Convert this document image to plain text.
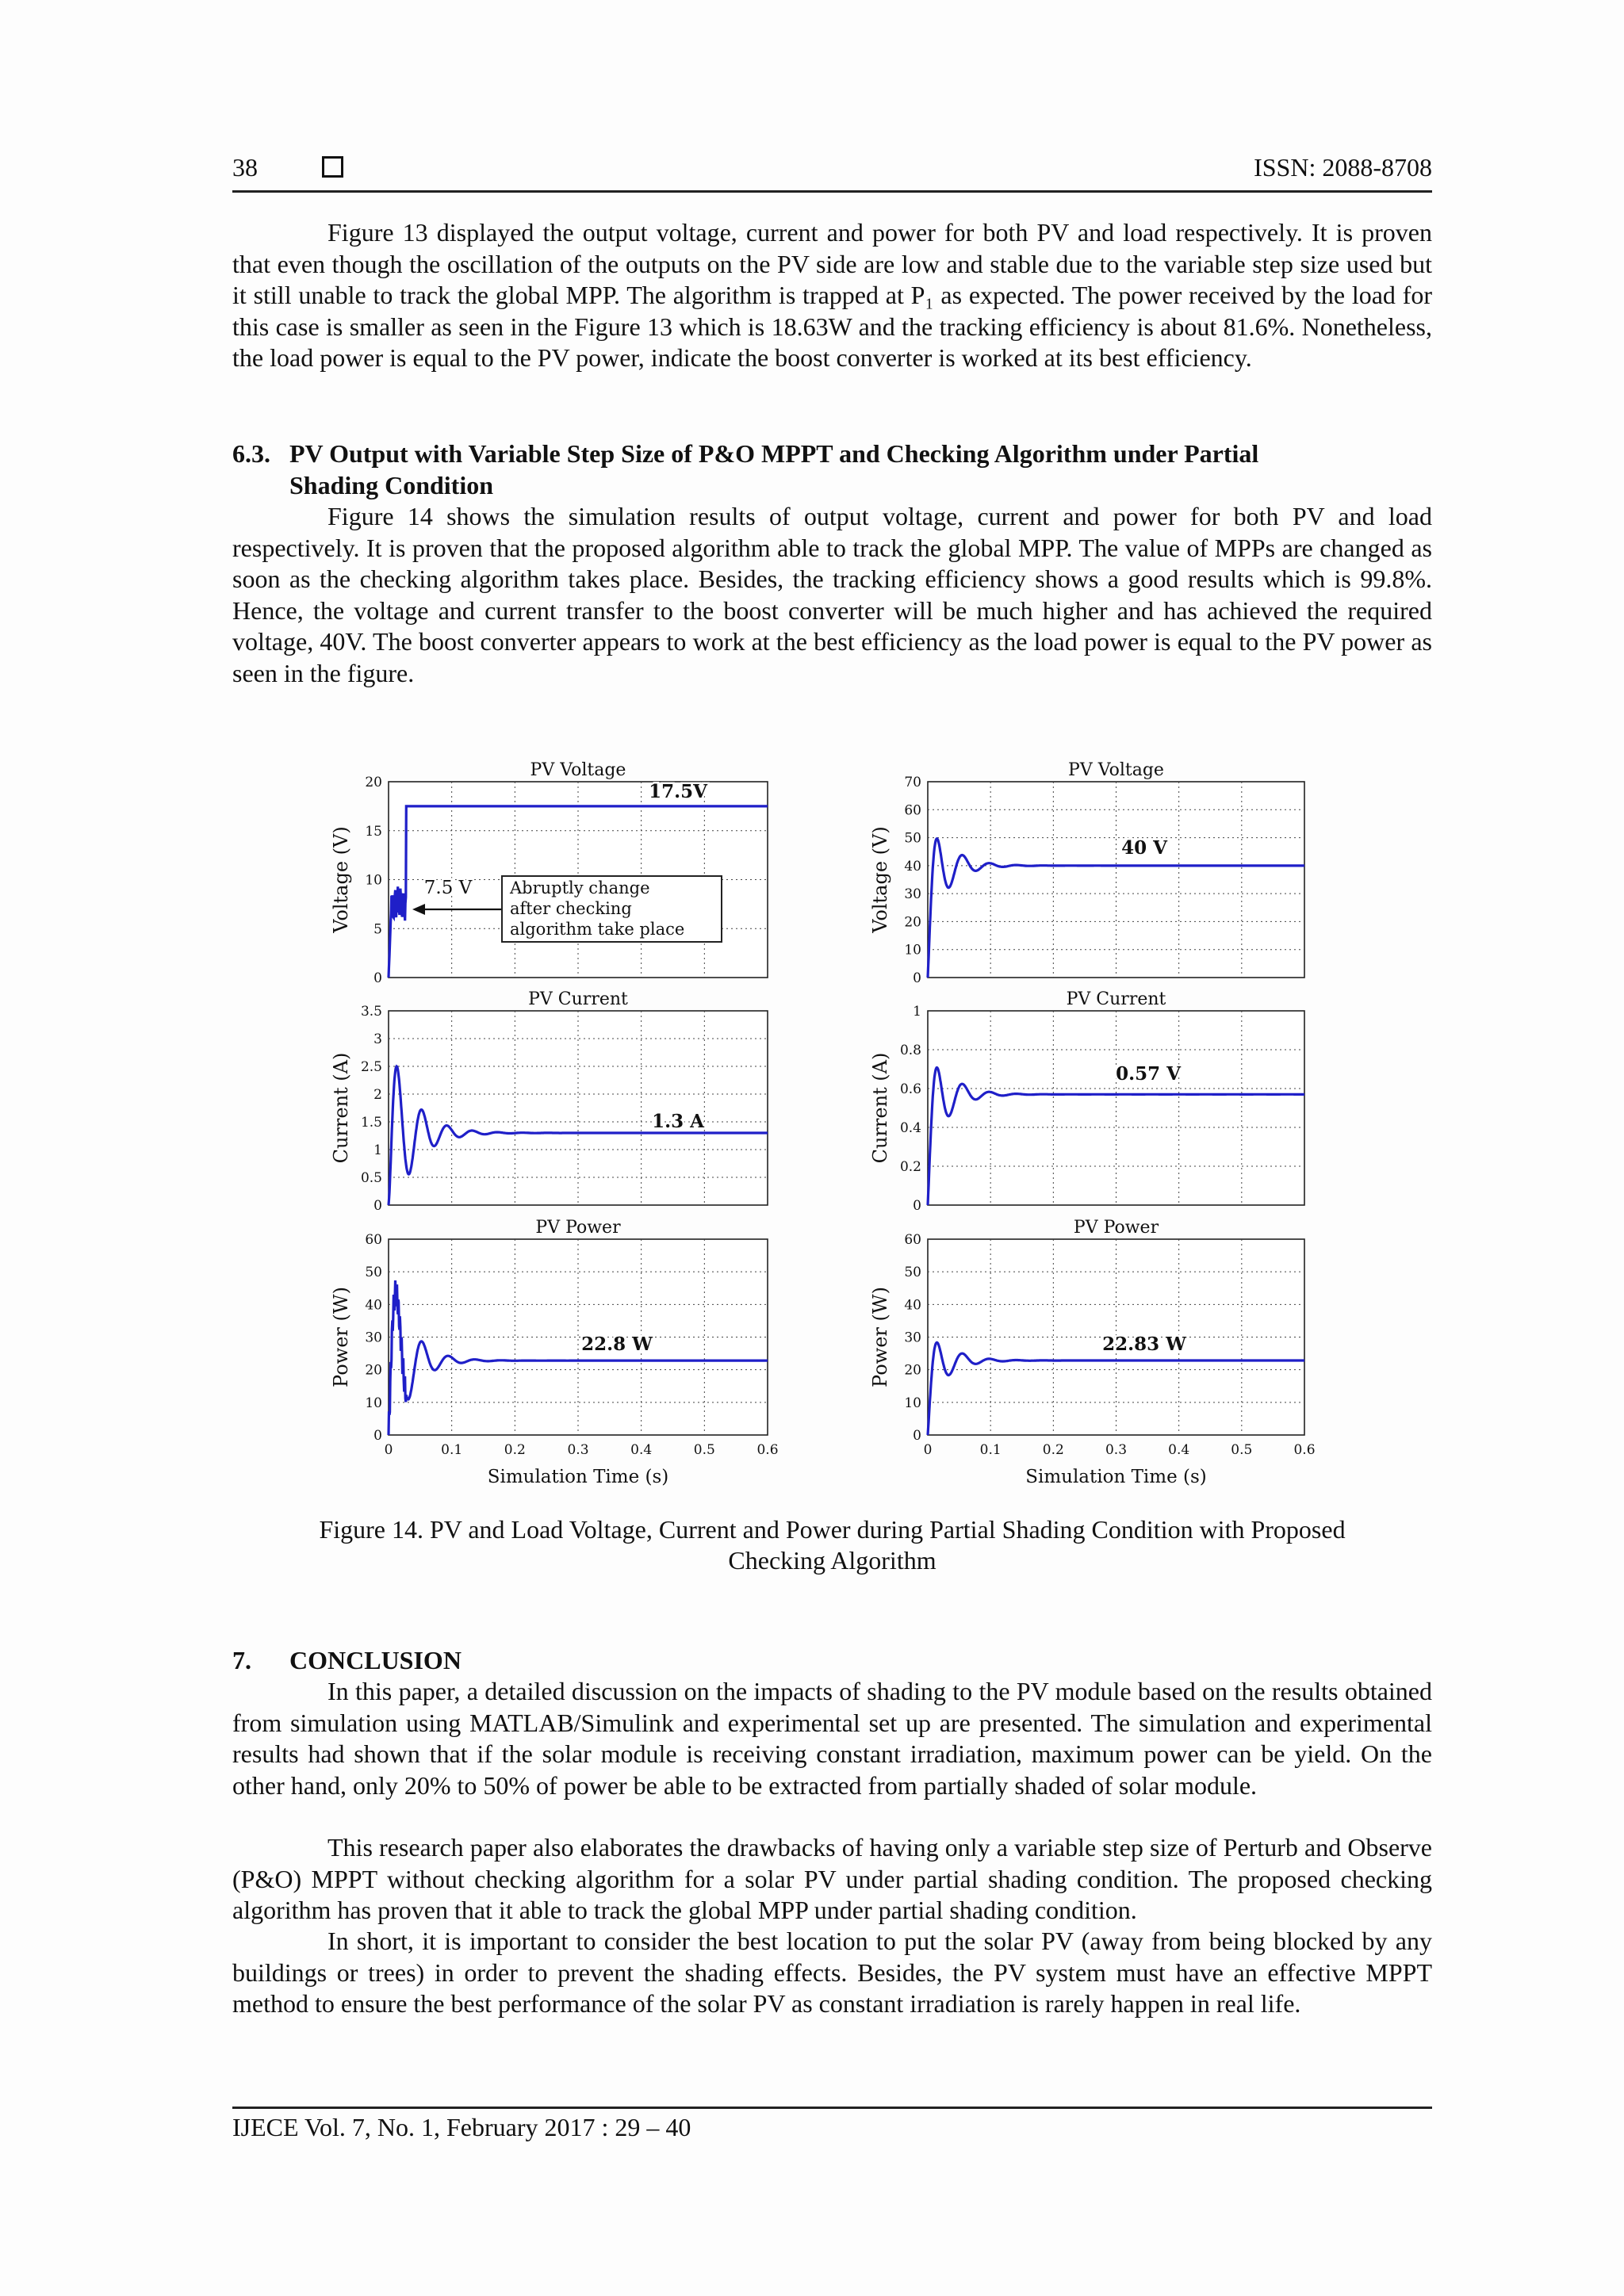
38	ISSN: 2088-8708

Figure 13 displayed the output voltage, current and power for both PV and load respectively. It is proven that even though the oscillation of the outputs on the PV side are low and stable due to the variable step size used but it still unable to track the global MPP. The algorithm is trapped at P₁ as expected. The power received by the load for this case is smaller as seen in the Figure 13 which is 18.63W and the tracking efficiency is about 81.6%. Nonetheless, the load power is equal to the PV power, indicate the boost converter is worked at its best efficiency.

6.3. PV Output with Variable Step Size of P&O MPPT and Checking Algorithm under Partial
Shading Condition

Figure 14 shows the simulation results of output voltage, current and power for both PV and load respectively. It is proven that the proposed algorithm able to track the global MPP. The value of MPPs are changed as soon as the checking algorithm takes place. Besides, the tracking efficiency shows a good results which is 99.8%. Hence, the voltage and current transfer to the boost converter will be much higher and has achieved the required voltage, 40V. The boost converter appears to work at the best efficiency as the load power is equal to the PV power as seen in the figure.

0
5
10
15
20
PV Voltage
Voltage (V)
17.5V
7.5 V Abruptly change
after checking
algorithm take place
0
10
20
30
40
50
60
70
PV Voltage
Voltage (V)	40 V
0
0.5
1
1.5
2
2.5
3
3.5
PV Current
Current (A)	1.3 A
0
0.2
0.4
0.6
0.8
1
PV Current
Current (A)	0.57 V
0
10
20
30
40
50
60
0	0.1	0.2	0.3	0.4	0.5	0.6
PV Power
Power (W)
Simulation Time (s)
22.8 W
0
10
20
30
40
50
60
0	0.1	0.2	0.3	0.4	0.5	0.6
PV Power
Power (W)
Simulation Time (s)
22.83 W

Figure 14. PV and Load Voltage, Current and Power during Partial Shading Condition with Proposed
Checking Algorithm

7. CONCLUSION

In this paper, a detailed discussion on the impacts of shading to the PV module based on the results obtained from simulation using MATLAB/Simulink and experimental set up are presented. The simulation and experimental results had shown that if the solar module is receiving constant irradiation, maximum power can be yield. On the other hand, only 20% to 50% of power be able to be extracted from partially shaded of solar module.

This research paper also elaborates the drawbacks of having only a variable step size of Perturb and Observe (P&O) MPPT without checking algorithm for a solar PV under partial shading condition. The proposed checking algorithm has proven that it able to track the global MPP under partial shading condition.

In short, it is important to consider the best location to put the solar PV (away from being blocked by any buildings or trees) in order to prevent the shading effects. Besides, the PV system must have an effective MPPT method to ensure the best performance of the solar PV as constant irradiation is rarely happen in real life.

IJECE Vol. 7, No. 1, February 2017 : 29 – 40
